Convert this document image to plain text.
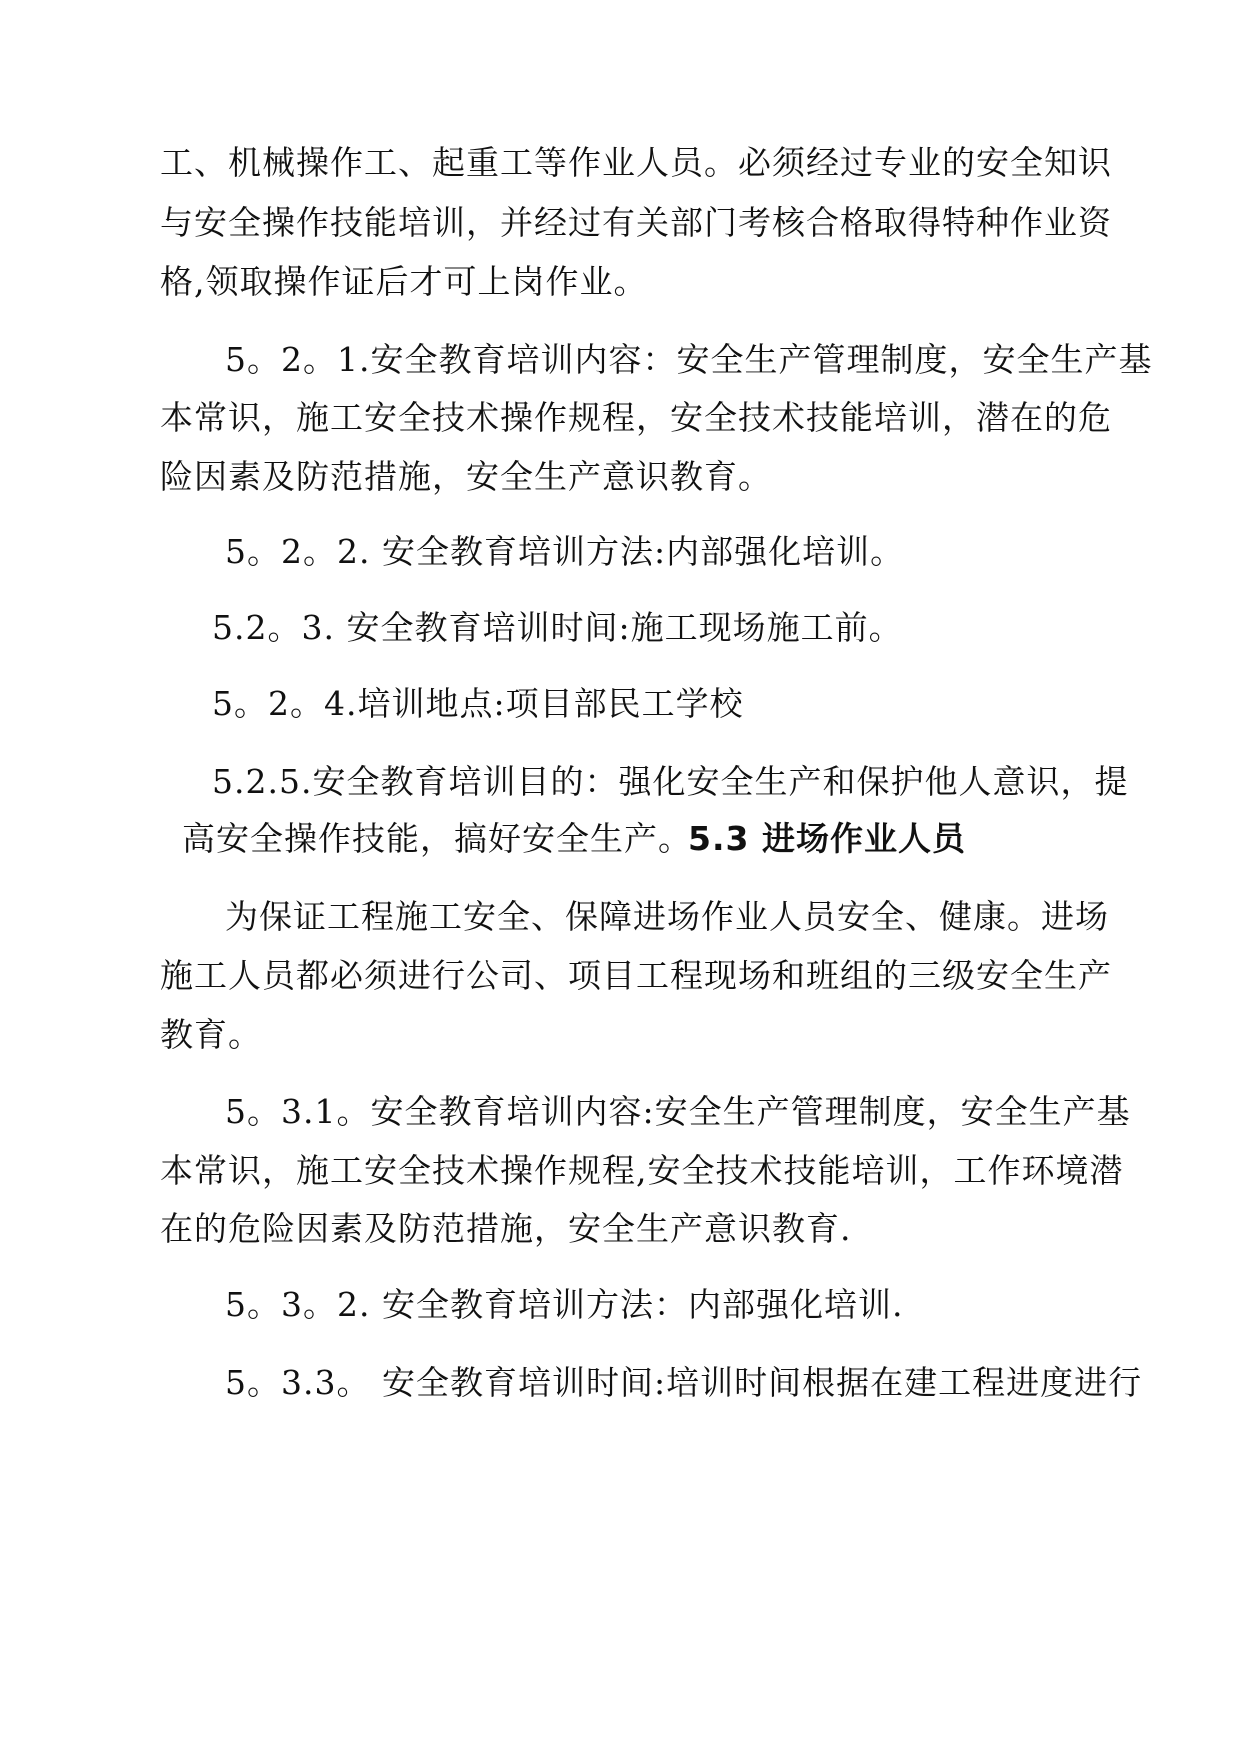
工、机械操作工、起重工等作业人员。必须经过专业的安全知识
与安全操作技能培训，并经过有关部门考核合格取得特种作业资
格,领取操作证后才可上岗作业。
5。2。1.安全教育培训内容：安全生产管理制度，安全生产基
本常识，施工安全技术操作规程，安全技术技能培训，潜在的危
险因素及防范措施，安全生产意识教育。
5。2。2. 安全教育培训方法:内部强化培训。
5.2。3. 安全教育培训时间:施工现场施工前。
5。2。4.培训地点:项目部民工学校
5.2.5.安全教育培训目的：强化安全生产和保护他人意识，提
高安全操作技能，搞好安全生产。
5.3 进场作业人员
为保证工程施工安全、保障进场作业人员安全、健康。进场
施工人员都必须进行公司、项目工程现场和班组的三级安全生产
教育。
5。3.1。安全教育培训内容:安全生产管理制度，安全生产基
本常识，施工安全技术操作规程,安全技术技能培训，工作环境潜
在的危险因素及防范措施，安全生产意识教育.
5。3。2. 安全教育培训方法：内部强化培训.
5。3.3。 安全教育培训时间:培训时间根据在建工程进度进行
